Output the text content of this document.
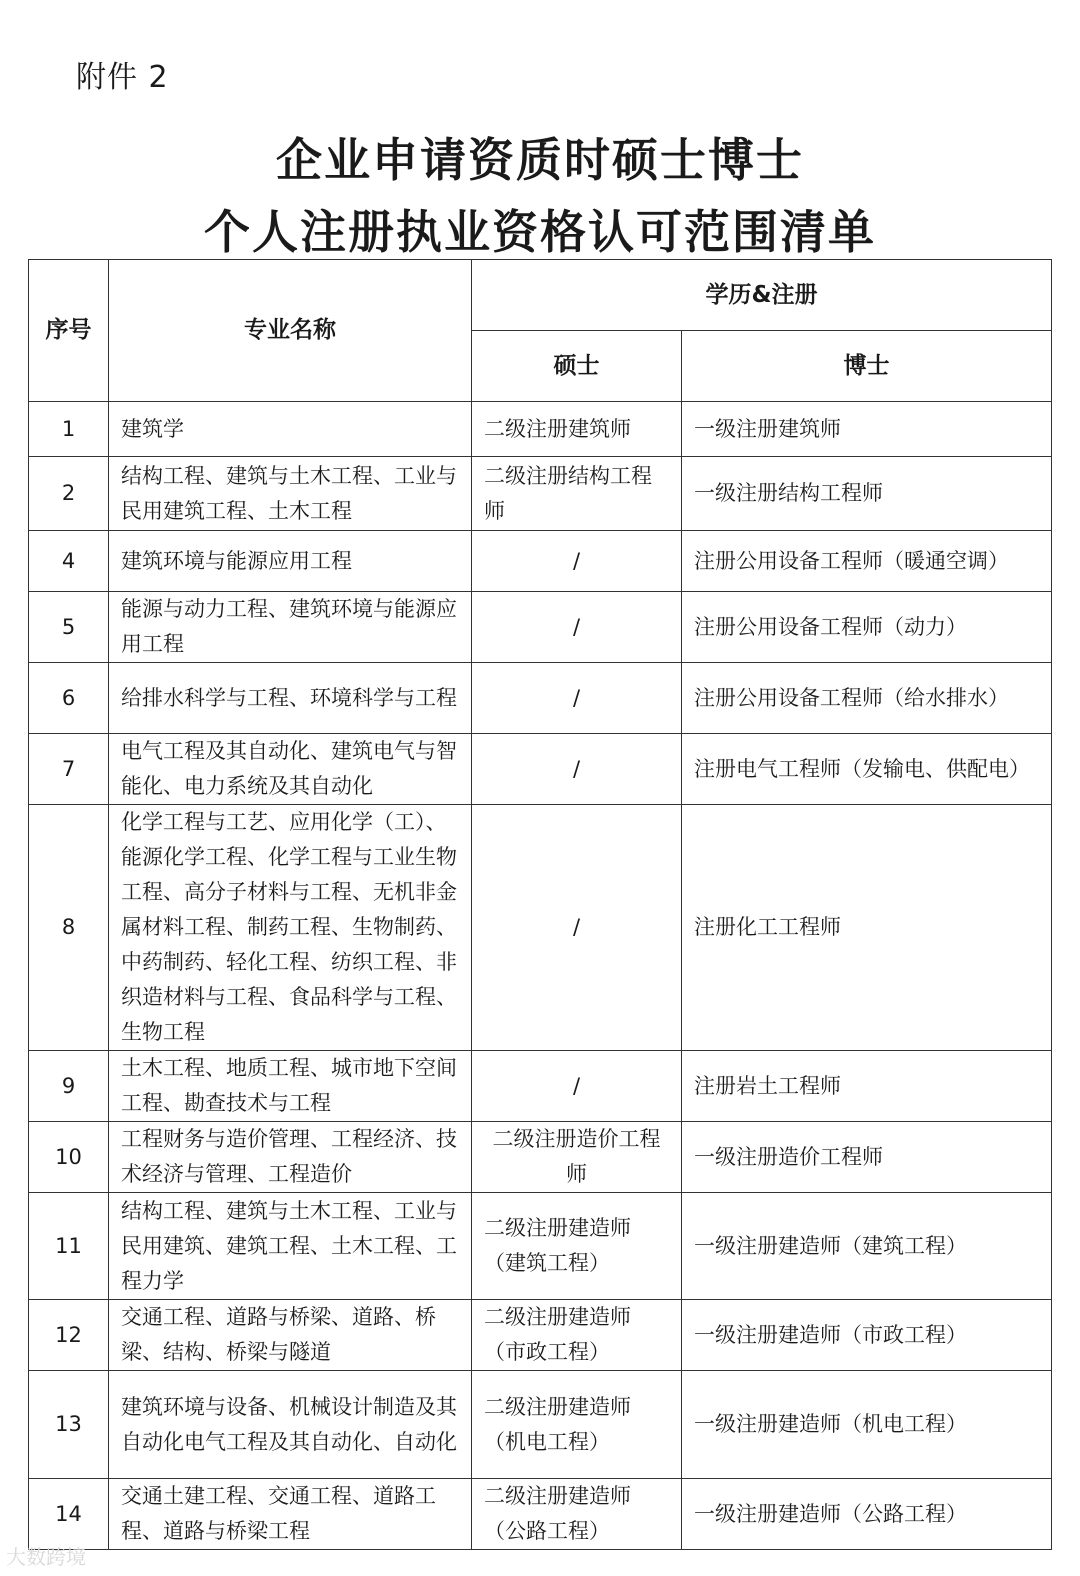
附件 2
企业申请资质时硕士博士
个人注册执业资格认可范围清单
序号	专业名称	学历&注册	
		硕士	博士
1	建筑学	二级注册建筑师	一级注册建筑师
2	结构工程、建筑与土木工程、工业与民用建筑工程、土木工程	二级注册结构工程师	一级注册结构工程师
4	建筑环境与能源应用工程	/	注册公用设备工程师（暖通空调）
5	能源与动力工程、建筑环境与能源应用工程	/	注册公用设备工程师（动力）
6	给排水科学与工程、环境科学与工程	/	注册公用设备工程师（给水排水）
7	电气工程及其自动化、建筑电气与智能化、电力系统及其自动化	/	注册电气工程师（发输电、供配电）
8	化学工程与工艺、应用化学（工）、能源化学工程、化学工程与工业生物工程、高分子材料与工程、无机非金属材料工程、制药工程、生物制药、中药制药、轻化工程、纺织工程、非织造材料与工程、食品科学与工程、生物工程	/	注册化工工程师
9	土木工程、地质工程、城市地下空间工程、勘查技术与工程	/	注册岩土工程师
10	工程财务与造价管理、工程经济、技术经济与管理、工程造价	二级注册造价工程师	一级注册造价工程师
11	结构工程、建筑与土木工程、工业与民用建筑、建筑工程、土木工程、工程力学	二级注册建造师（建筑工程）	一级注册建造师（建筑工程）
12	交通工程、道路与桥梁、道路、桥梁、结构、桥梁与隧道	二级注册建造师（市政工程）	一级注册建造师（市政工程）
13	建筑环境与设备、机械设计制造及其自动化电气工程及其自动化、自动化	二级注册建造师（机电工程）	一级注册建造师（机电工程）
14	交通土建工程、交通工程、道路工程、道路与桥梁工程	二级注册建造师（公路工程）	一级注册建造师（公路工程）
大数跨境
